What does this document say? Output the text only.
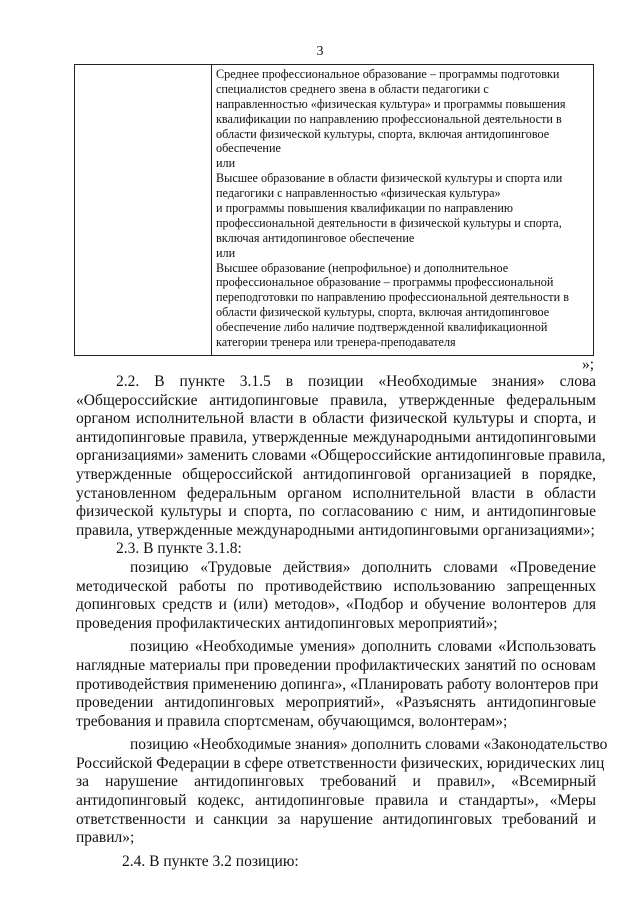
3
Среднее профессиональное образование – программы подготовки
специалистов среднего звена в области педагогики с
направленностью «физическая культура» и программы повышения
квалификации по направлению профессиональной деятельности в
области физической культуры, спорта, включая антидопинговое
обеспечение
или
Высшее образование в области физической культуры и спорта или
педагогики с направленностью «физическая культура»
и программы повышения квалификации по направлению
профессиональной деятельности в физической культуры и спорта,
включая антидопинговое обеспечение
или
Высшее образование (непрофильное) и дополнительное
профессиональное образование – программы профессиональной
переподготовки по направлению профессиональной деятельности в
области физической культуры, спорта, включая антидопинговое
обеспечение либо наличие подтвержденной квалификационной
категории тренера или тренера-преподавателя
»;
2.2. В пункте 3.1.5 в позиции «Необходимые знания» слова
«Общероссийские антидопинговые правила, утвержденные федеральным
органом исполнительной власти в области физической культуры и спорта, и
антидопинговые правила, утвержденные международными антидопинговыми
организациями» заменить словами «Общероссийские антидопинговые правила,
утвержденные общероссийской антидопинговой организацией в порядке,
установленном федеральным органом исполнительной власти в области
физической культуры и спорта, по согласованию с ним, и антидопинговые
правила, утвержденные международными антидопинговыми организациями»;
2.3. В пункте 3.1.8:
позицию «Трудовые действия» дополнить словами «Проведение
методической работы по противодействию использованию запрещенных
допинговых средств и (или) методов», «Подбор и обучение волонтеров для
проведения профилактических антидопинговых мероприятий»;
позицию «Необходимые умения» дополнить словами «Использовать
наглядные материалы при проведении профилактических занятий по основам
противодействия применению допинга», «Планировать работу волонтеров при
проведении антидопинговых мероприятий», «Разъяснять антидопинговые
требования и правила спортсменам, обучающимся, волонтерам»;
позицию «Необходимые знания» дополнить словами «Законодательство
Российской Федерации в сфере ответственности физических, юридических лиц
за нарушение антидопинговых требований и правил», «Всемирный
антидопинговый кодекс, антидопинговые правила и стандарты», «Меры
ответственности и санкции за нарушение антидопинговых требований и
правил»;
2.4. В пункте 3.2 позицию:
